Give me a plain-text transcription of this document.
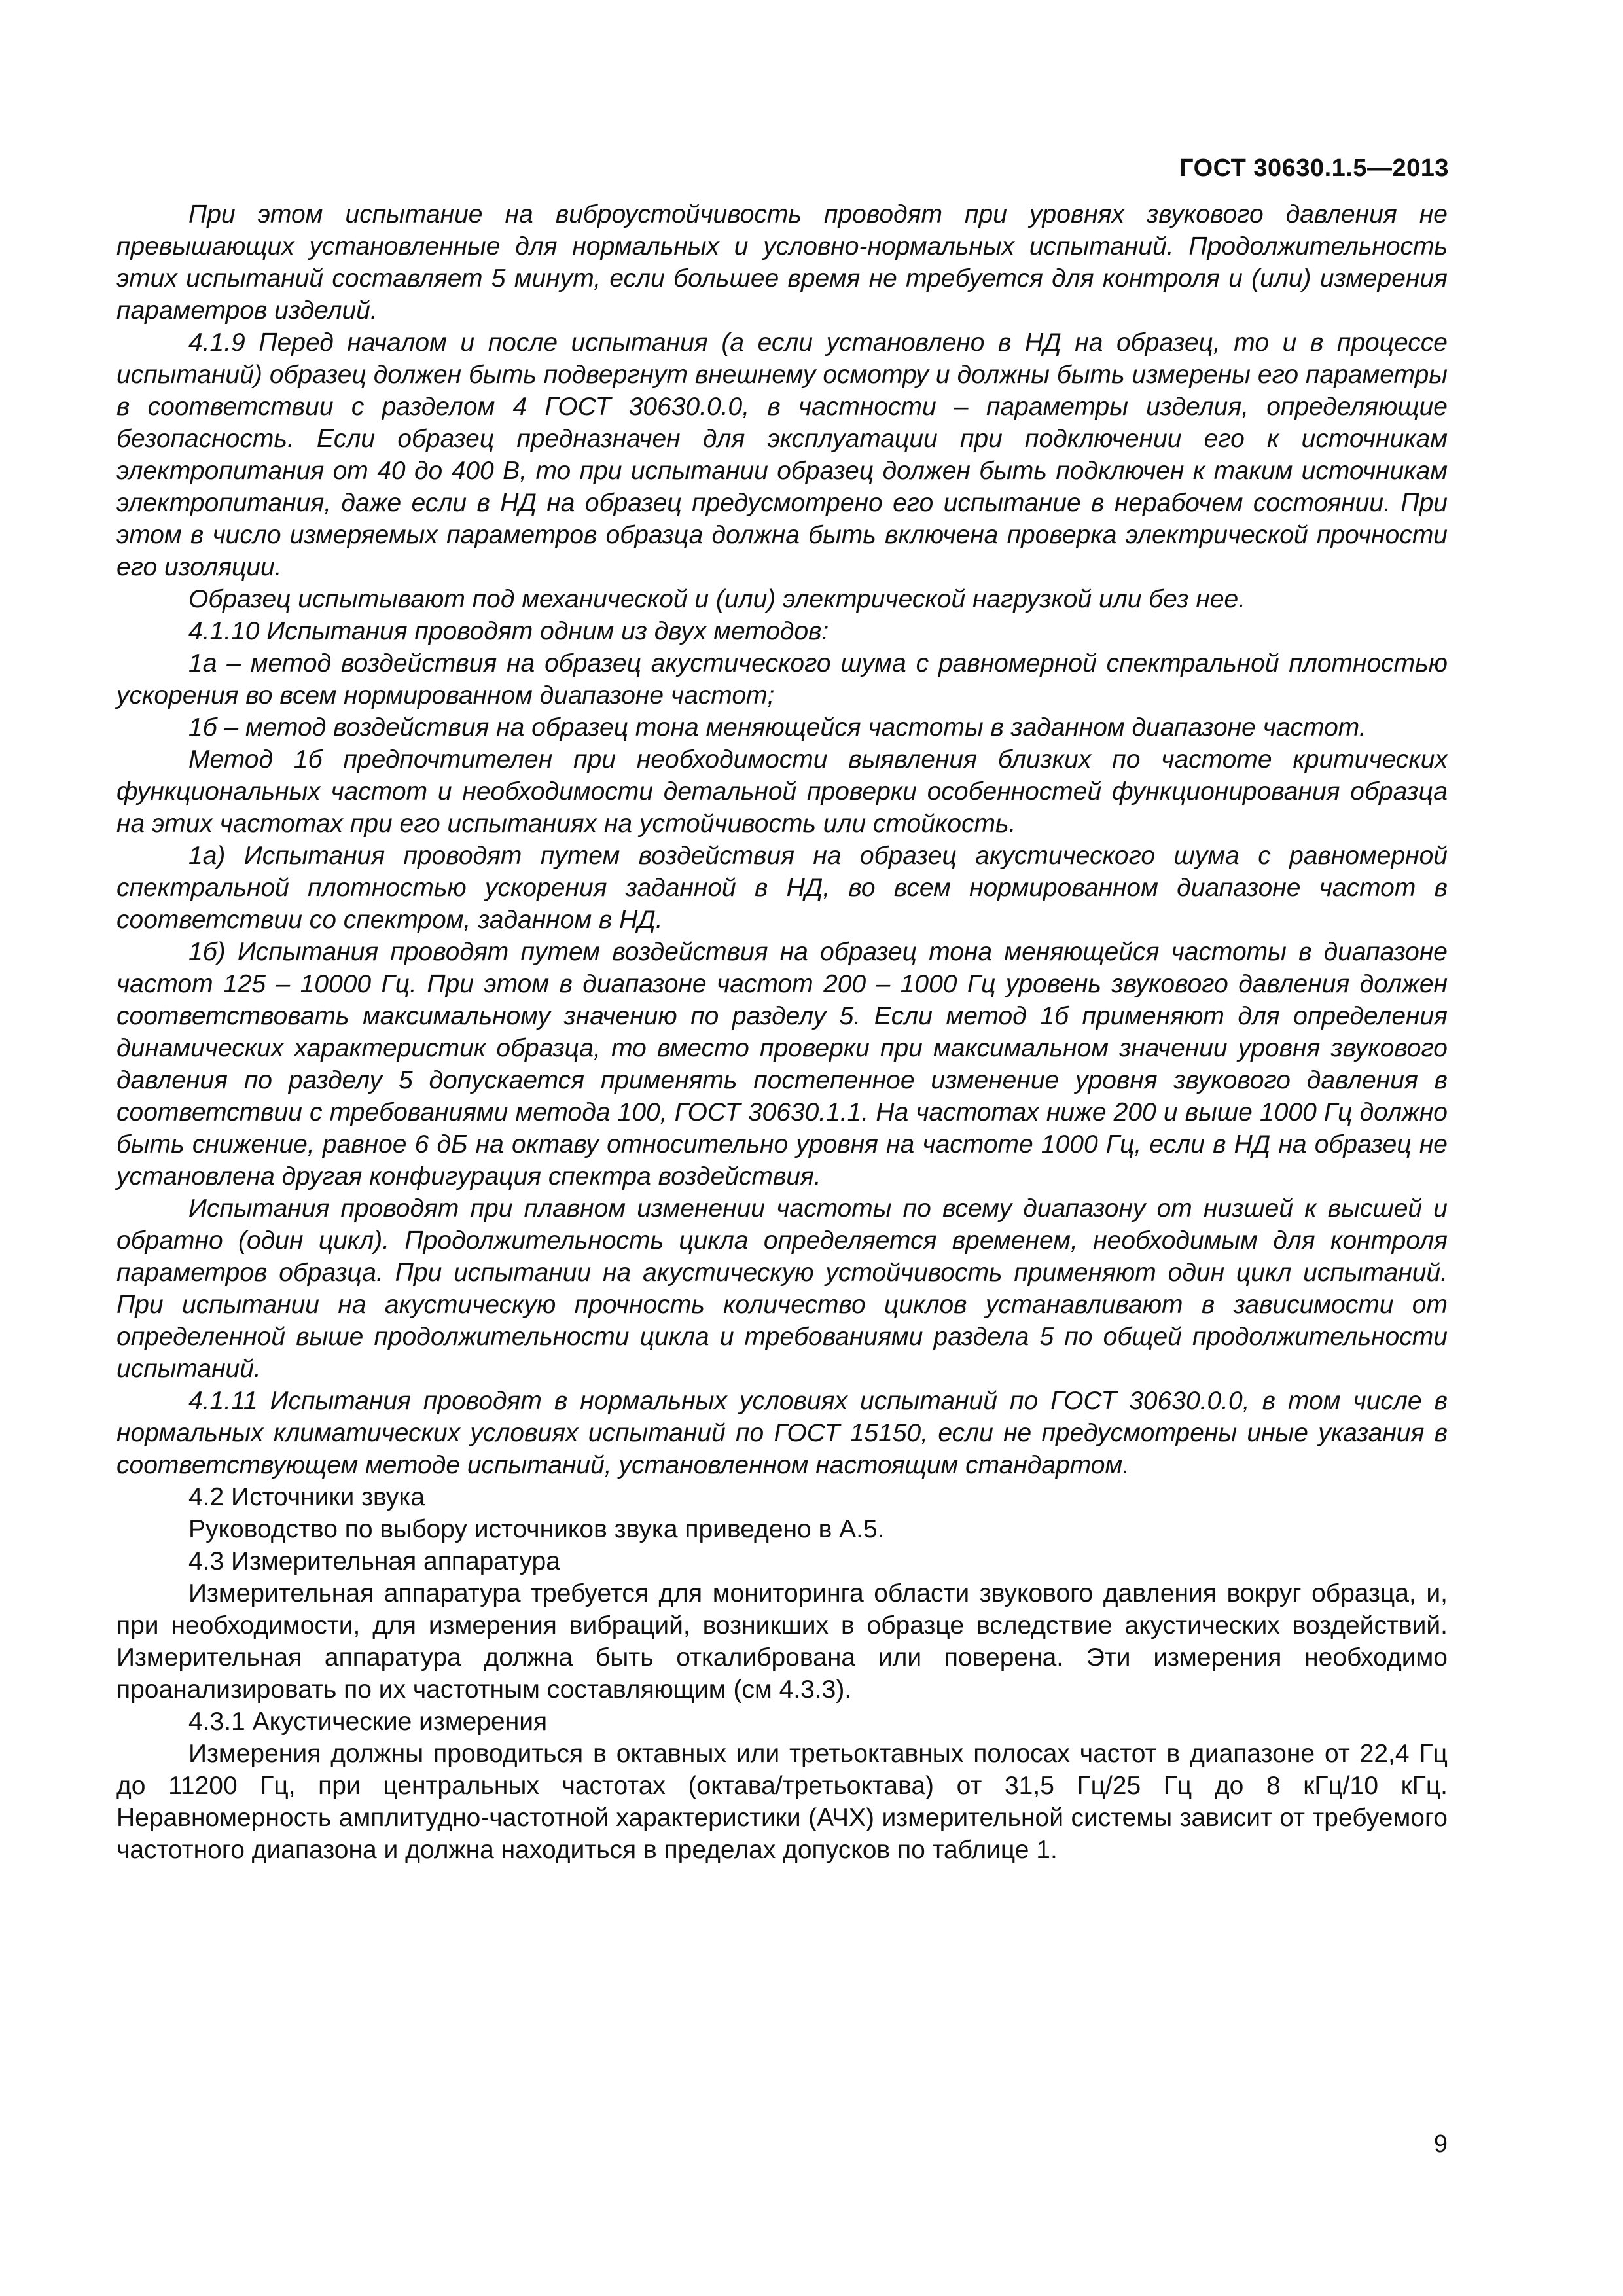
ГОСТ 30630.1.5—2013

При этом испытание на виброустойчивость проводят при уровнях звукового давления не превышающих установленные для нормальных и условно-нормальных испытаний. Продолжительность этих испытаний составляет 5 минут, если большее время не требуется для контроля и (или) измерения параметров изделий.

4.1.9 Перед началом и после испытания (а если установлено в НД на образец, то и в процессе испытаний) образец должен быть подвергнут внешнему осмотру и должны быть измерены его параметры в соответствии с разделом 4 ГОСТ 30630.0.0, в частности – параметры изделия, определяющие безопасность. Если образец предназначен для эксплуатации при подключении его к источникам электропитания от 40 до 400 В, то при испытании образец должен быть подключен к таким источникам электропитания, даже если в НД на образец предусмотрено его испытание в нерабочем состоянии. При этом в число измеряемых параметров образца должна быть включена проверка электрической прочности его изоляции.

Образец испытывают под механической и (или) электрической нагрузкой или без нее.

4.1.10 Испытания проводят одним из двух методов:

1а – метод воздействия на образец акустического шума с равномерной спектральной плотностью ускорения во всем нормированном диапазоне частот;

1б – метод воздействия на образец тона меняющейся частоты в заданном диапазоне частот.

Метод 1б предпочтителен при необходимости выявления близких по частоте критических функциональных частот и необходимости детальной проверки особенностей функционирования образца на этих частотах при его испытаниях на устойчивость или стойкость.

1а) Испытания проводят путем воздействия на образец акустического шума с равномерной спектральной плотностью ускорения заданной в НД, во всем нормированном диапазоне частот в соответствии со спектром, заданном в НД.

1б) Испытания проводят путем воздействия на образец тона меняющейся частоты в диапазоне частот 125 – 10000 Гц. При этом в диапазоне частот 200 – 1000 Гц уровень звукового давления должен соответствовать максимальному значению по разделу 5. Если метод 1б применяют для определения динамических характеристик образца, то вместо проверки при максимальном значении уровня звукового давления по разделу 5 допускается применять постепенное изменение уровня звукового давления в соответствии с требованиями метода 100, ГОСТ 30630.1.1. На частотах ниже 200 и выше 1000 Гц должно быть снижение, равное 6 дБ на октаву относительно уровня на частоте 1000 Гц, если в НД на образец не установлена другая конфигурация спектра воздействия.

Испытания проводят при плавном изменении частоты по всему диапазону от низшей к высшей и обратно (один цикл). Продолжительность цикла определяется временем, необходимым для контроля параметров образца. При испытании на акустическую устойчивость применяют один цикл испытаний. При испытании на акустическую прочность количество циклов устанавливают в зависимости от определенной выше продолжительности цикла и требованиями раздела 5 по общей продолжительности испытаний.

4.1.11 Испытания проводят в нормальных условиях испытаний по ГОСТ 30630.0.0, в том числе в нормальных климатических условиях испытаний по ГОСТ 15150, если не предусмотрены иные указания в соответствующем методе испытаний, установленном настоящим стандартом.

4.2 Источники звука

Руководство по выбору источников звука приведено в А.5.

4.3 Измерительная аппаратура

Измерительная аппаратура требуется для мониторинга области звукового давления вокруг образца, и, при необходимости, для измерения вибраций, возникших в образце вследствие акустических воздействий. Измерительная аппаратура должна быть откалибрована или поверена. Эти измерения необходимо проанализировать по их частотным составляющим (см 4.3.3).

4.3.1 Акустические измерения

Измерения должны проводиться в октавных или третьоктавных полосах частот в диапазоне от 22,4 Гц до 11200 Гц, при центральных частотах (октава/третьоктава) от 31,5 Гц/25 Гц до 8 кГц/10 кГц. Неравномерность амплитудно-частотной характеристики (АЧХ) измерительной системы зависит от требуемого частотного диапазона и должна находиться в пределах допусков по таблице 1.

9
